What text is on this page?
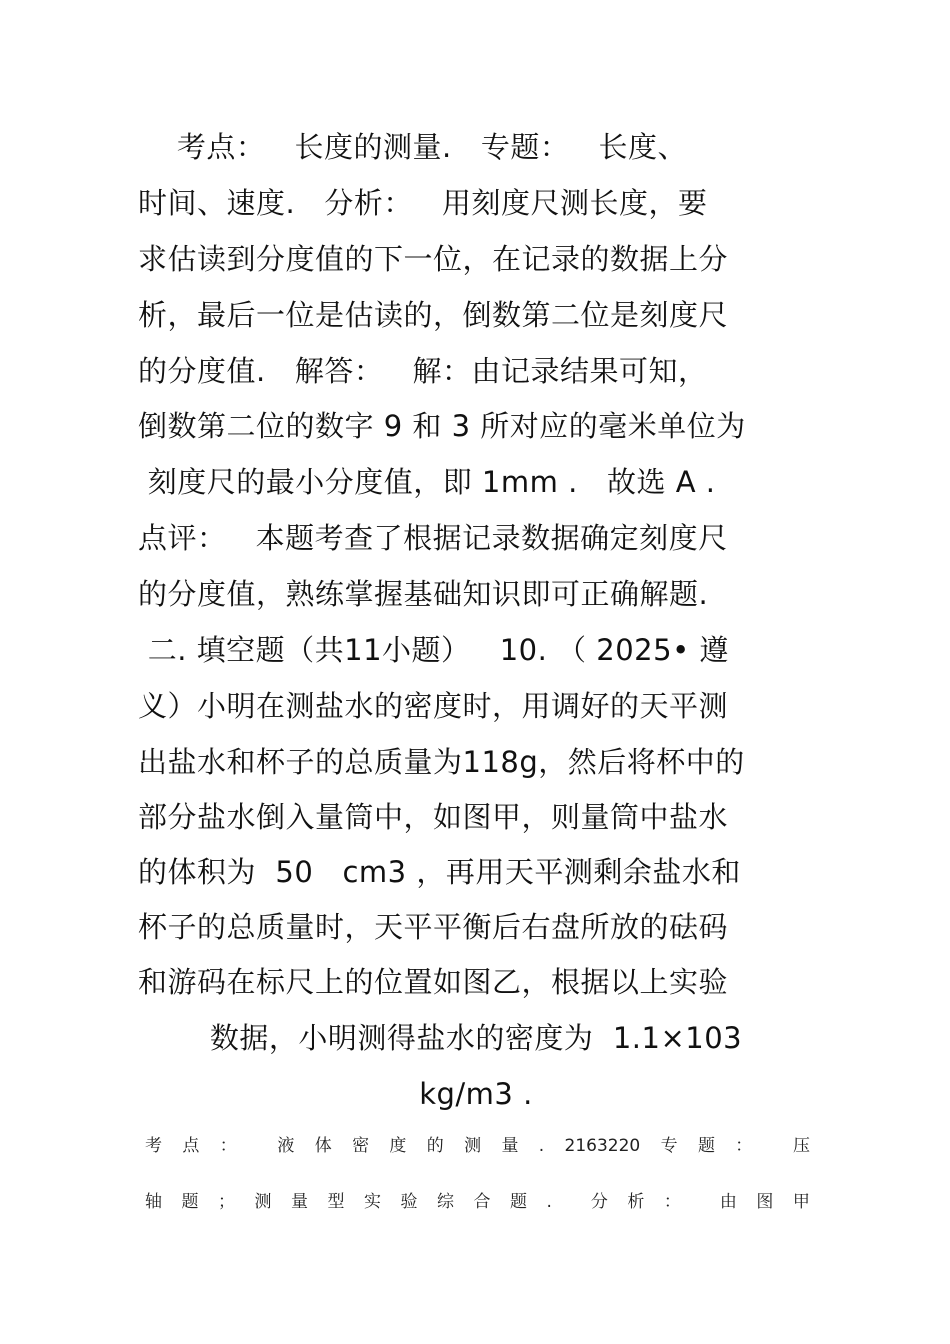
考点：   长度的测量.   专题：   长度、
时间、速度.   分析：   用刻度尺测长度，要
求估读到分度值的下一位，在记录的数据上分
析，最后一位是估读的，倒数第二位是刻度尺
的分度值.   解答：   解：由记录结果可知，
倒数第二位的数字 9 和 3 所对应的毫米单位为
刻度尺的最小分度值，即 1mm .   故选 A .
点评：   本题考查了根据记录数据确定刻度尺
的分度值，熟练掌握基础知识即可正确解题.
二. 填空题（共11小题）   10. （ 2025• 遵
义）小明在测盐水的密度时，用调好的天平测
出盐水和杯子的总质量为118g，然后将杯中的
部分盐水倒入量筒中，如图甲，则量筒中盐水
的体积为  50   cm3 ，再用天平测剩余盐水和
杯子的总质量时，天平平衡后右盘所放的砝码
和游码在标尺上的位置如图乙，根据以上实验
数据，小明测得盐水的密度为  1.1×103
kg/m3 .
考 点 ： 液 体 密 度 的 测 量 . 2163220 专 题 ： 压
轴 题 ； 测 量 型 实 验 综 合 题 . 分 析 ： 由 图 甲
